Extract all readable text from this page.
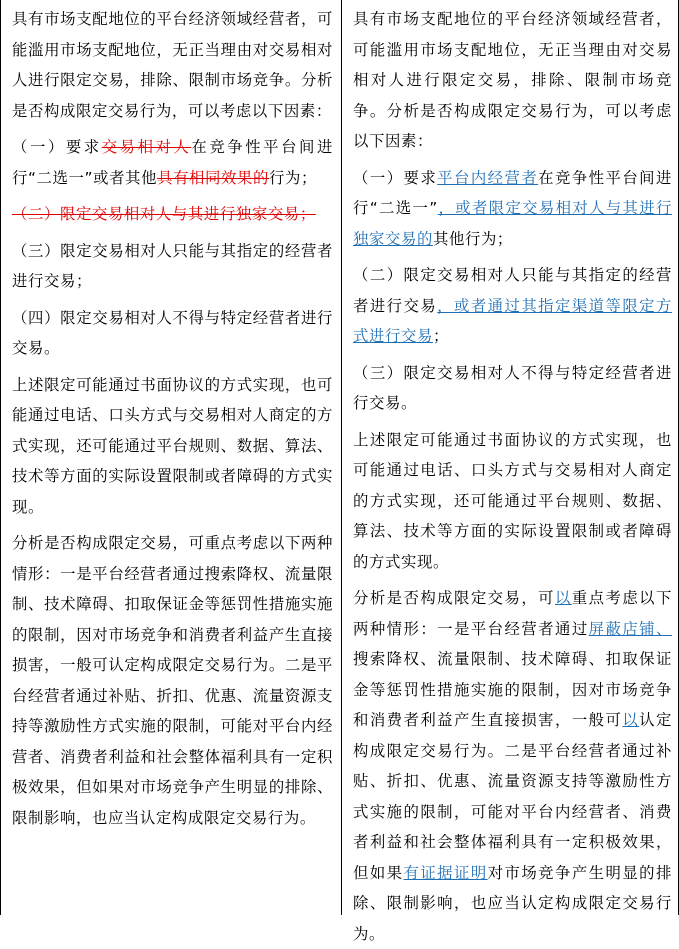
具有市场支配地位的平台经济领域经营者，可能滥用市场支配地位，无正当理由对交易相对人进行限定交易，排除、限制市场竞争。分析是否构成限定交易行为，可以考虑以下因素：

（一）要求交易相对人在竞争性平台间进行“二选一”或者其他具有相同效果的行为；

（二）限定交易相对人与其进行独家交易；

（三）限定交易相对人只能与其指定的经营者进行交易；

（四）限定交易相对人不得与特定经营者进行交易。

上述限定可能通过书面协议的方式实现，也可能通过电话、口头方式与交易相对人商定的方式实现，还可能通过平台规则、数据、算法、技术等方面的实际设置限制或者障碍的方式实现。

分析是否构成限定交易，可重点考虑以下两种情形：一是平台经营者通过搜索降权、流量限制、技术障碍、扣取保证金等惩罚性措施实施的限制，因对市场竞争和消费者利益产生直接损害，一般可认定构成限定交易行为。二是平台经营者通过补贴、折扣、优惠、流量资源支持等激励性方式实施的限制，可能对平台内经营者、消费者利益和社会整体福利具有一定积极效果，但如果对市场竞争产生明显的排除、限制影响，也应当认定构成限定交易行为。

具有市场支配地位的平台经济领域经营者，可能滥用市场支配地位，无正当理由对交易相对人进行限定交易，排除、限制市场竞争。分析是否构成限定交易行为，可以考虑以下因素：

（一）要求平台内经营者在竞争性平台间进行“二选一”，或者限定交易相对人与其进行独家交易的其他行为；

（二）限定交易相对人只能与其指定的经营者进行交易，或者通过其指定渠道等限定方式进行交易；

（三）限定交易相对人不得与特定经营者进行交易。

上述限定可能通过书面协议的方式实现，也可能通过电话、口头方式与交易相对人商定的方式实现，还可能通过平台规则、数据、算法、技术等方面的实际设置限制或者障碍的方式实现。

分析是否构成限定交易，可以重点考虑以下两种情形：一是平台经营者通过屏蔽店铺、搜索降权、流量限制、技术障碍、扣取保证金等惩罚性措施实施的限制，因对市场竞争和消费者利益产生直接损害，一般可以认定构成限定交易行为。二是平台经营者通过补贴、折扣、优惠、流量资源支持等激励性方式实施的限制，可能对平台内经营者、消费者利益和社会整体福利具有一定积极效果，但如果有证据证明对市场竞争产生明显的排除、限制影响，也应当认定构成限定交易行为。
